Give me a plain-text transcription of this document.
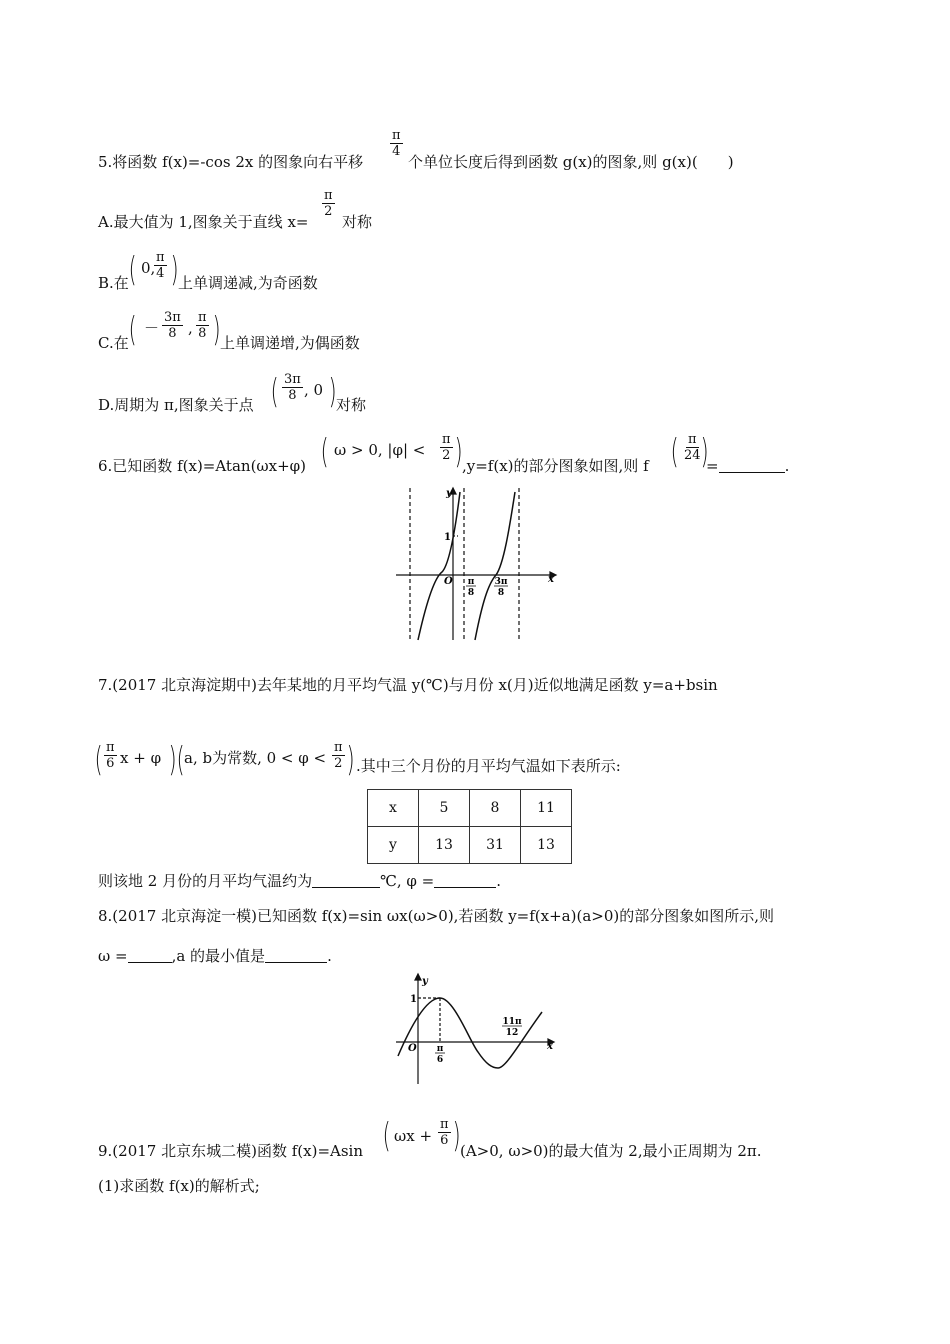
$\frac{\pi}{4}$
5.将函数 f(x)=-cos 2x 的图象向右平移	个单位长度后得到函数 g(x)的图象,则 g(x)(　　)
A.最大值为 1,图象关于直线 x=
$\frac{\pi}{2}$
对称
B.在 ( 0,
$\frac{\pi}{4}$ ) 上单调递减,为奇函数
C.在 ( － $\frac{3\pi}{8}$ , $\frac{\pi}{8}$ ) 上单调递增,为偶函数
D.周期为 π,图象关于点 ( $\frac{3\pi}{8}$ , 0 ) 对称
6.已知函数 f(x)=Atan(ωx+φ) ( ω > 0, $|\varphi| < \frac{\pi}{2}$ ) ,y=f(x)的部分图象如图,则 f ( $\frac{\pi}{24}$
)
=	.
y
x
O
1
π
8
3π
8
7.(2017 北京海淀期中)去年某地的月平均气温 y(℃)与月份 x(月)近似地满足函数 y=a+bsin
( $\frac{\pi}{6}$ x + φ ) ( a, b为常数, $0 < \varphi < \frac{\pi}{2}$ ) .其中三个月份的月平均气温如下表所示:
x	5	8	11
y	13	31	13
则该地 2 月份的月平均气温约为	℃, φ =	.
8.(2017 北京海淀一模)已知函数 f(x)=sin ωx(ω>0),若函数 y=f(x+a)(a>0)的部分图象如图所示,则
ω =	,a 的最小值是	.
y
x
O
1
π
6
11π
12
9.(2017 北京东城二模)函数 f(x)=Asin ( $\omega x + \frac{\pi}{6}$ ) (A>0, ω>0)的最大值为 2,最小正周期为 2π.
(1)求函数 f(x)的解析式;
